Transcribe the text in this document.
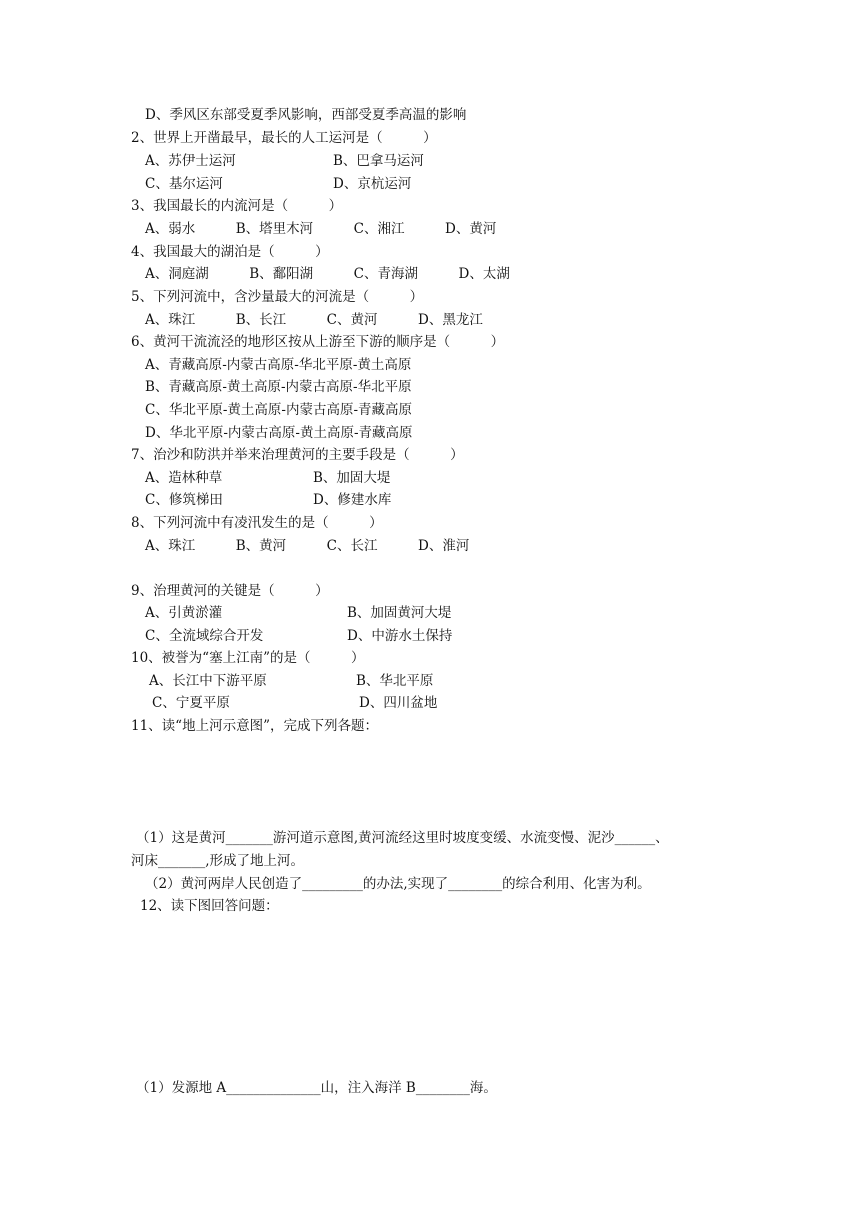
D、季风区东部受夏季风影响，西部受夏季高温的影响
2、世界上开凿最早，最长的人工运河是（　　　）
A、苏伊士运河	B、巴拿马运河
C、基尔运河	D、京杭运河
3、我国最长的内流河是（　　　）
A、弱水　　　B、塔里木河　　　C、湘江　　　D、黄河
4、我国最大的湖泊是（　　　）
A、洞庭湖　　　B、鄱阳湖　　　C、青海湖　　　D、太湖
5、下列河流中，含沙量最大的河流是（　　　）
A、珠江　　　B、长江　　　C、黄河　　　D、黑龙江
6、黄河干流流泾的地形区按从上游至下游的顺序是（　　　）
A、青藏高原-内蒙古高原-华北平原-黄土高原
B、青藏高原-黄土高原-内蒙古高原-华北平原
C、华北平原-黄土高原-内蒙古高原-青藏高原
D、华北平原-内蒙古高原-黄土高原-青藏高原
7、治沙和防洪并举来治理黄河的主要手段是（　　　）
A、造林种草	B、加固大堤
C、修筑梯田	D、修建水库
8、下列河流中有凌汛发生的是（　　　）
A、珠江　　　B、黄河　　　C、长江　　　D、淮河
9、治理黄河的关键是（　　　）
A、引黄淤灌	B、加固黄河大堤
C、全流域综合开发	D、中游水土保持
10、被誉为“塞上江南”的是（　　　）
A、长江中下游平原	B、华北平原
C、宁夏平原	D、四川盆地
11、读“地上河示意图”，完成下列各题：
（1）这是黄河_______游河道示意图,黄河流经这里时坡度变缓、水流变慢、泥沙______、
河床_______,形成了地上河。
（2）黄河两岸人民创造了_________的办法,实现了________的综合利用、化害为利。
12、读下图回答问题：
（1）发源地 A______________山，注入海洋 B________海。
